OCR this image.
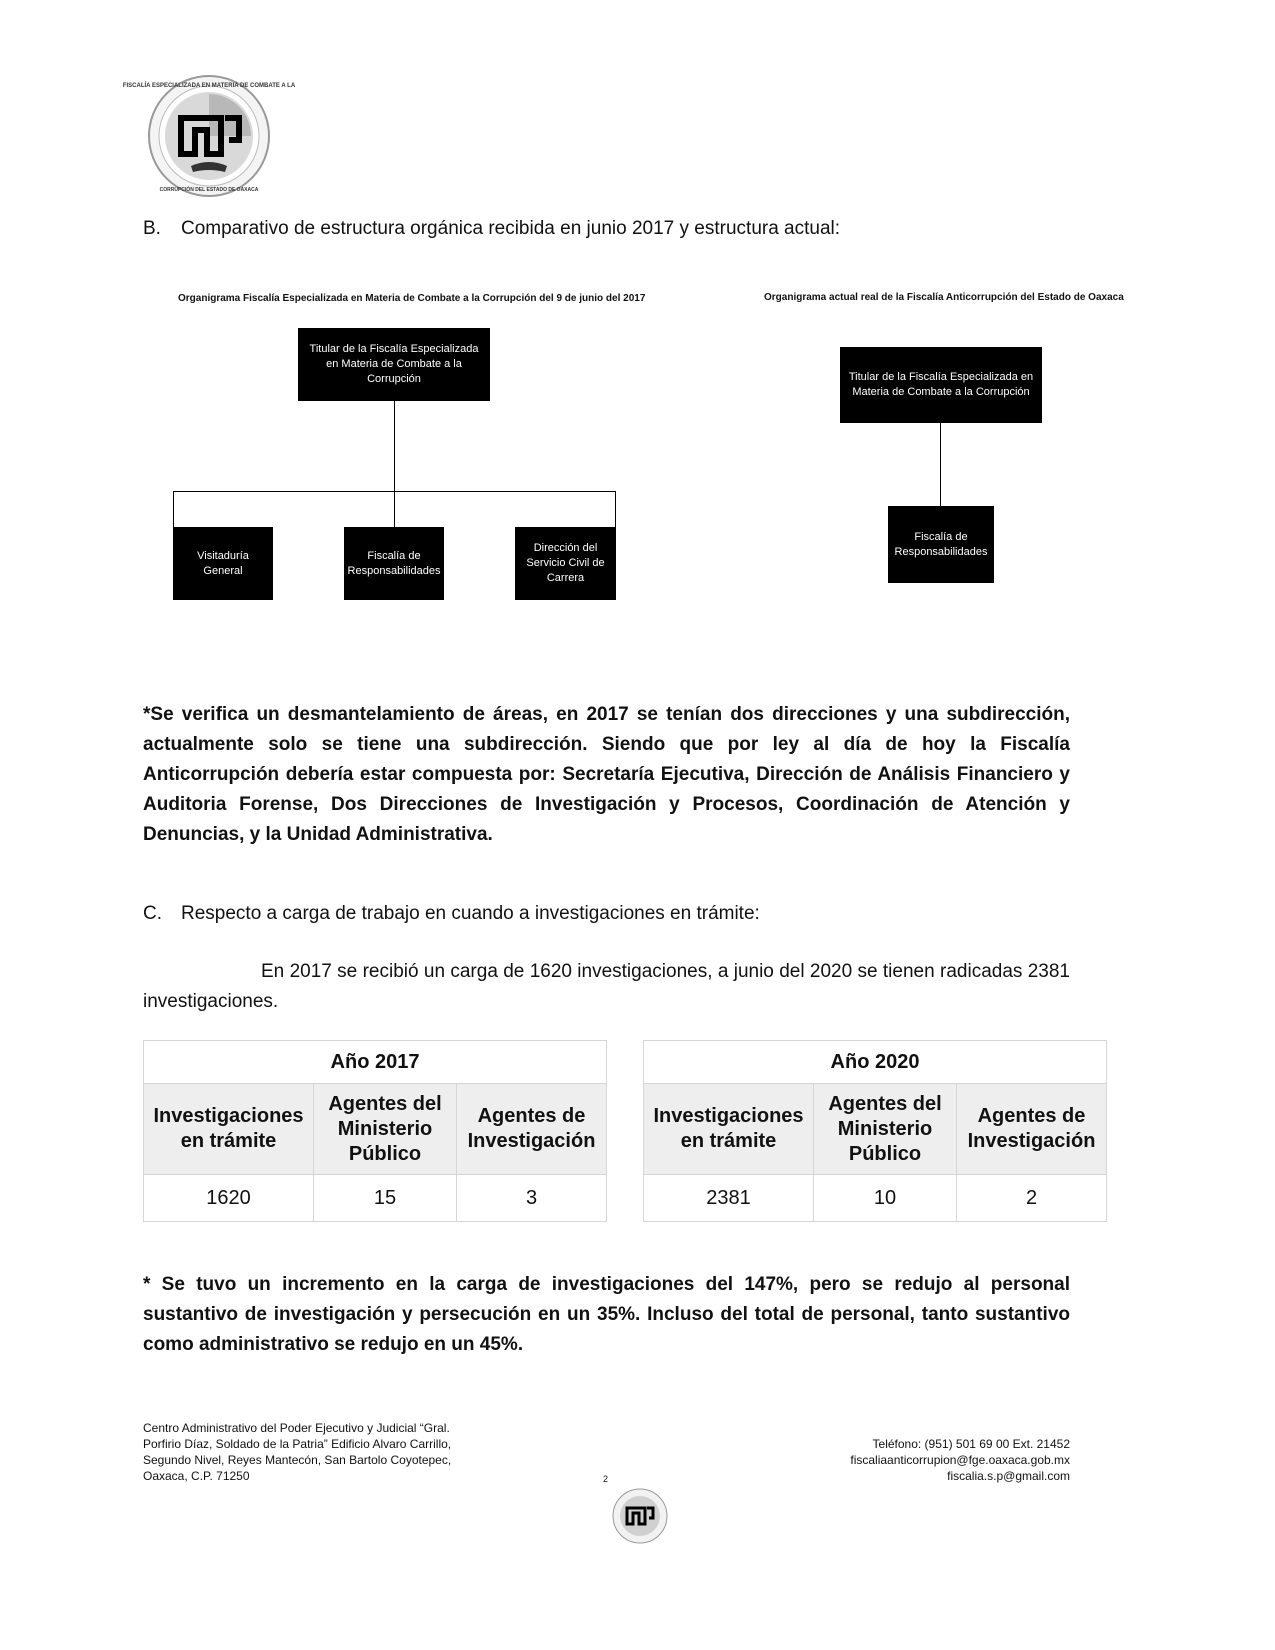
FISCALÍA ESPECIALIZADA EN MATERIA DE COMBATE A LA
CORRUPCIÓN DEL ESTADO DE OAXACA
B. Comparativo de estructura orgánica recibida en junio 2017 y estructura actual:
Organigrama Fiscalía Especializada en Materia de Combate a la Corrupción del 9 de junio del 2017
Titular de la Fiscalía Especializada en Materia de Combate a la Corrupción
Visitaduría General
Fiscalía de Responsabilidades
Dirección del Servicio Civil de Carrera
Organigrama actual real de la Fiscalía Anticorrupción del Estado de Oaxaca
Titular de la Fiscalía Especializada en Materia de Combate a la Corrupción
Fiscalía de Responsabilidades
*Se verifica un desmantelamiento de áreas, en 2017 se tenían dos direcciones y una subdirección, actualmente solo se tiene una subdirección. Siendo que por ley al día de hoy la Fiscalía Anticorrupción debería estar compuesta por: Secretaría Ejecutiva, Dirección de Análisis Financiero y Auditoria Forense, Dos Direcciones de Investigación y Procesos, Coordinación de Atención y Denuncias, y la Unidad Administrativa.
C. Respecto a carga de trabajo en cuando a investigaciones en trámite:
En 2017 se recibió un carga de 1620 investigaciones, a junio del 2020 se tienen radicadas 2381 investigaciones.
Año 2017		
Investigaciones en trámite	Agentes del Ministerio Público	Agentes de Investigación
1620	15	3
Año 2020		
Investigaciones en trámite	Agentes del Ministerio Público	Agentes de Investigación
2381	10	2
* Se tuvo un incremento en la carga de investigaciones del 147%, pero se redujo al personal sustantivo de investigación y persecución en un 35%. Incluso del total de personal, tanto sustantivo como administrativo se redujo en un 45%.
Centro Administrativo del Poder Ejecutivo y Judicial “Gral.
Porfirio Díaz, Soldado de la Patria” Edificio Alvaro Carrillo,
Segundo Nivel, Reyes Mantecón, San Bartolo Coyotepec,
Oaxaca, C.P. 71250	2
Teléfono: (951) 501 69 00 Ext. 21452
fiscaliaanticorrupion@fge.oaxaca.gob.mx
fiscalia.s.p@gmail.com
